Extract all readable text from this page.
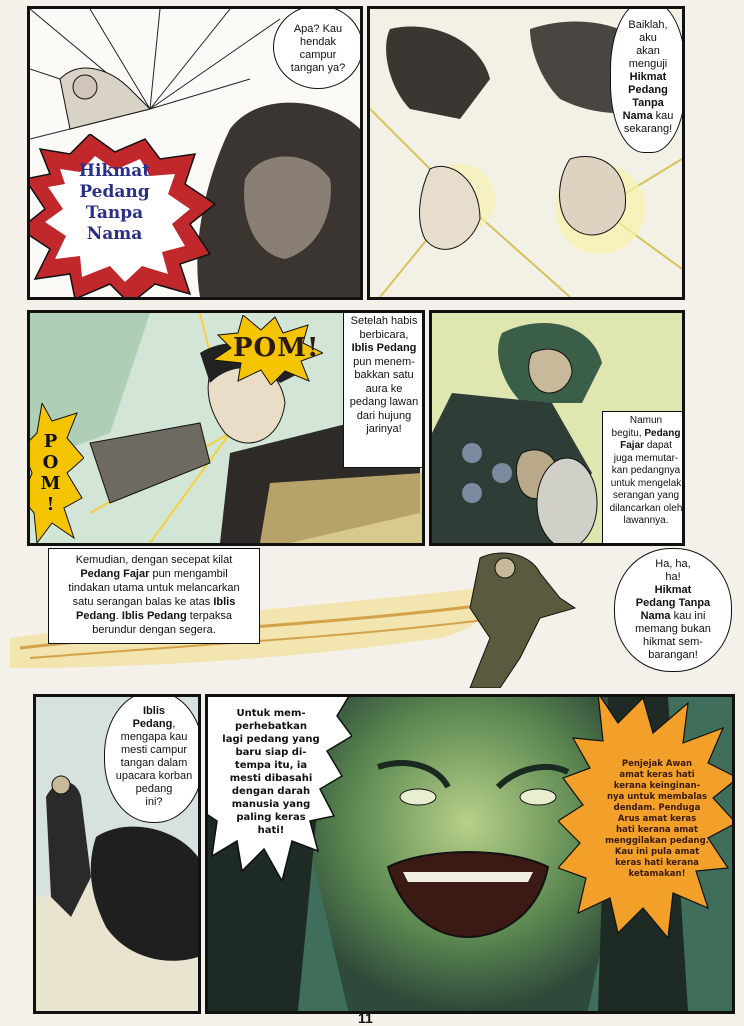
Hikmat
Pedang
Tanpa
Nama
Apa? Kau
hendak
campur
tangan ya?
Baiklah,
aku
akan
menguji
Hikmat
Pedang
Tanpa
Nama kau
sekarang!
POM!
POM!
Setelah habis
berbicara,
Iblis Pedang
pun menem-
bakkan satu
aura ke
pedang lawan
dari hujung
jarinya!
Namun
begitu, Pedang
Fajar dapat
juga memutar-
kan pedangnya
untuk mengelak
serangan yang
dilancarkan oleh
lawannya.
Kemudian, dengan secepat kilat
Pedang Fajar pun mengambil
tindakan utama untuk melancarkan
satu serangan balas ke atas Iblis
Pedang. Iblis Pedang terpaksa
berundur dengan segera.
Ha, ha,
ha!
Hikmat
Pedang Tanpa
Nama kau ini
memang bukan
hikmat sem-
barangan!
Iblis
Pedang,
mengapa kau
mesti campur
tangan dalam
upacara korban
pedang
ini?
Untuk mem-
perhebatkan
lagi pedang yang
baru siap di-
tempa itu, ia
mesti dibasahi
dengan darah
manusia yang
paling keras
hati!
Penjejak Awan
amat keras hati
kerana keinginan-
nya untuk membalas
dendam. Penduga
Arus amat keras
hati kerana amat
menggilakan pedang.
Kau ini pula amat
keras hati kerana
ketamakan!
11
